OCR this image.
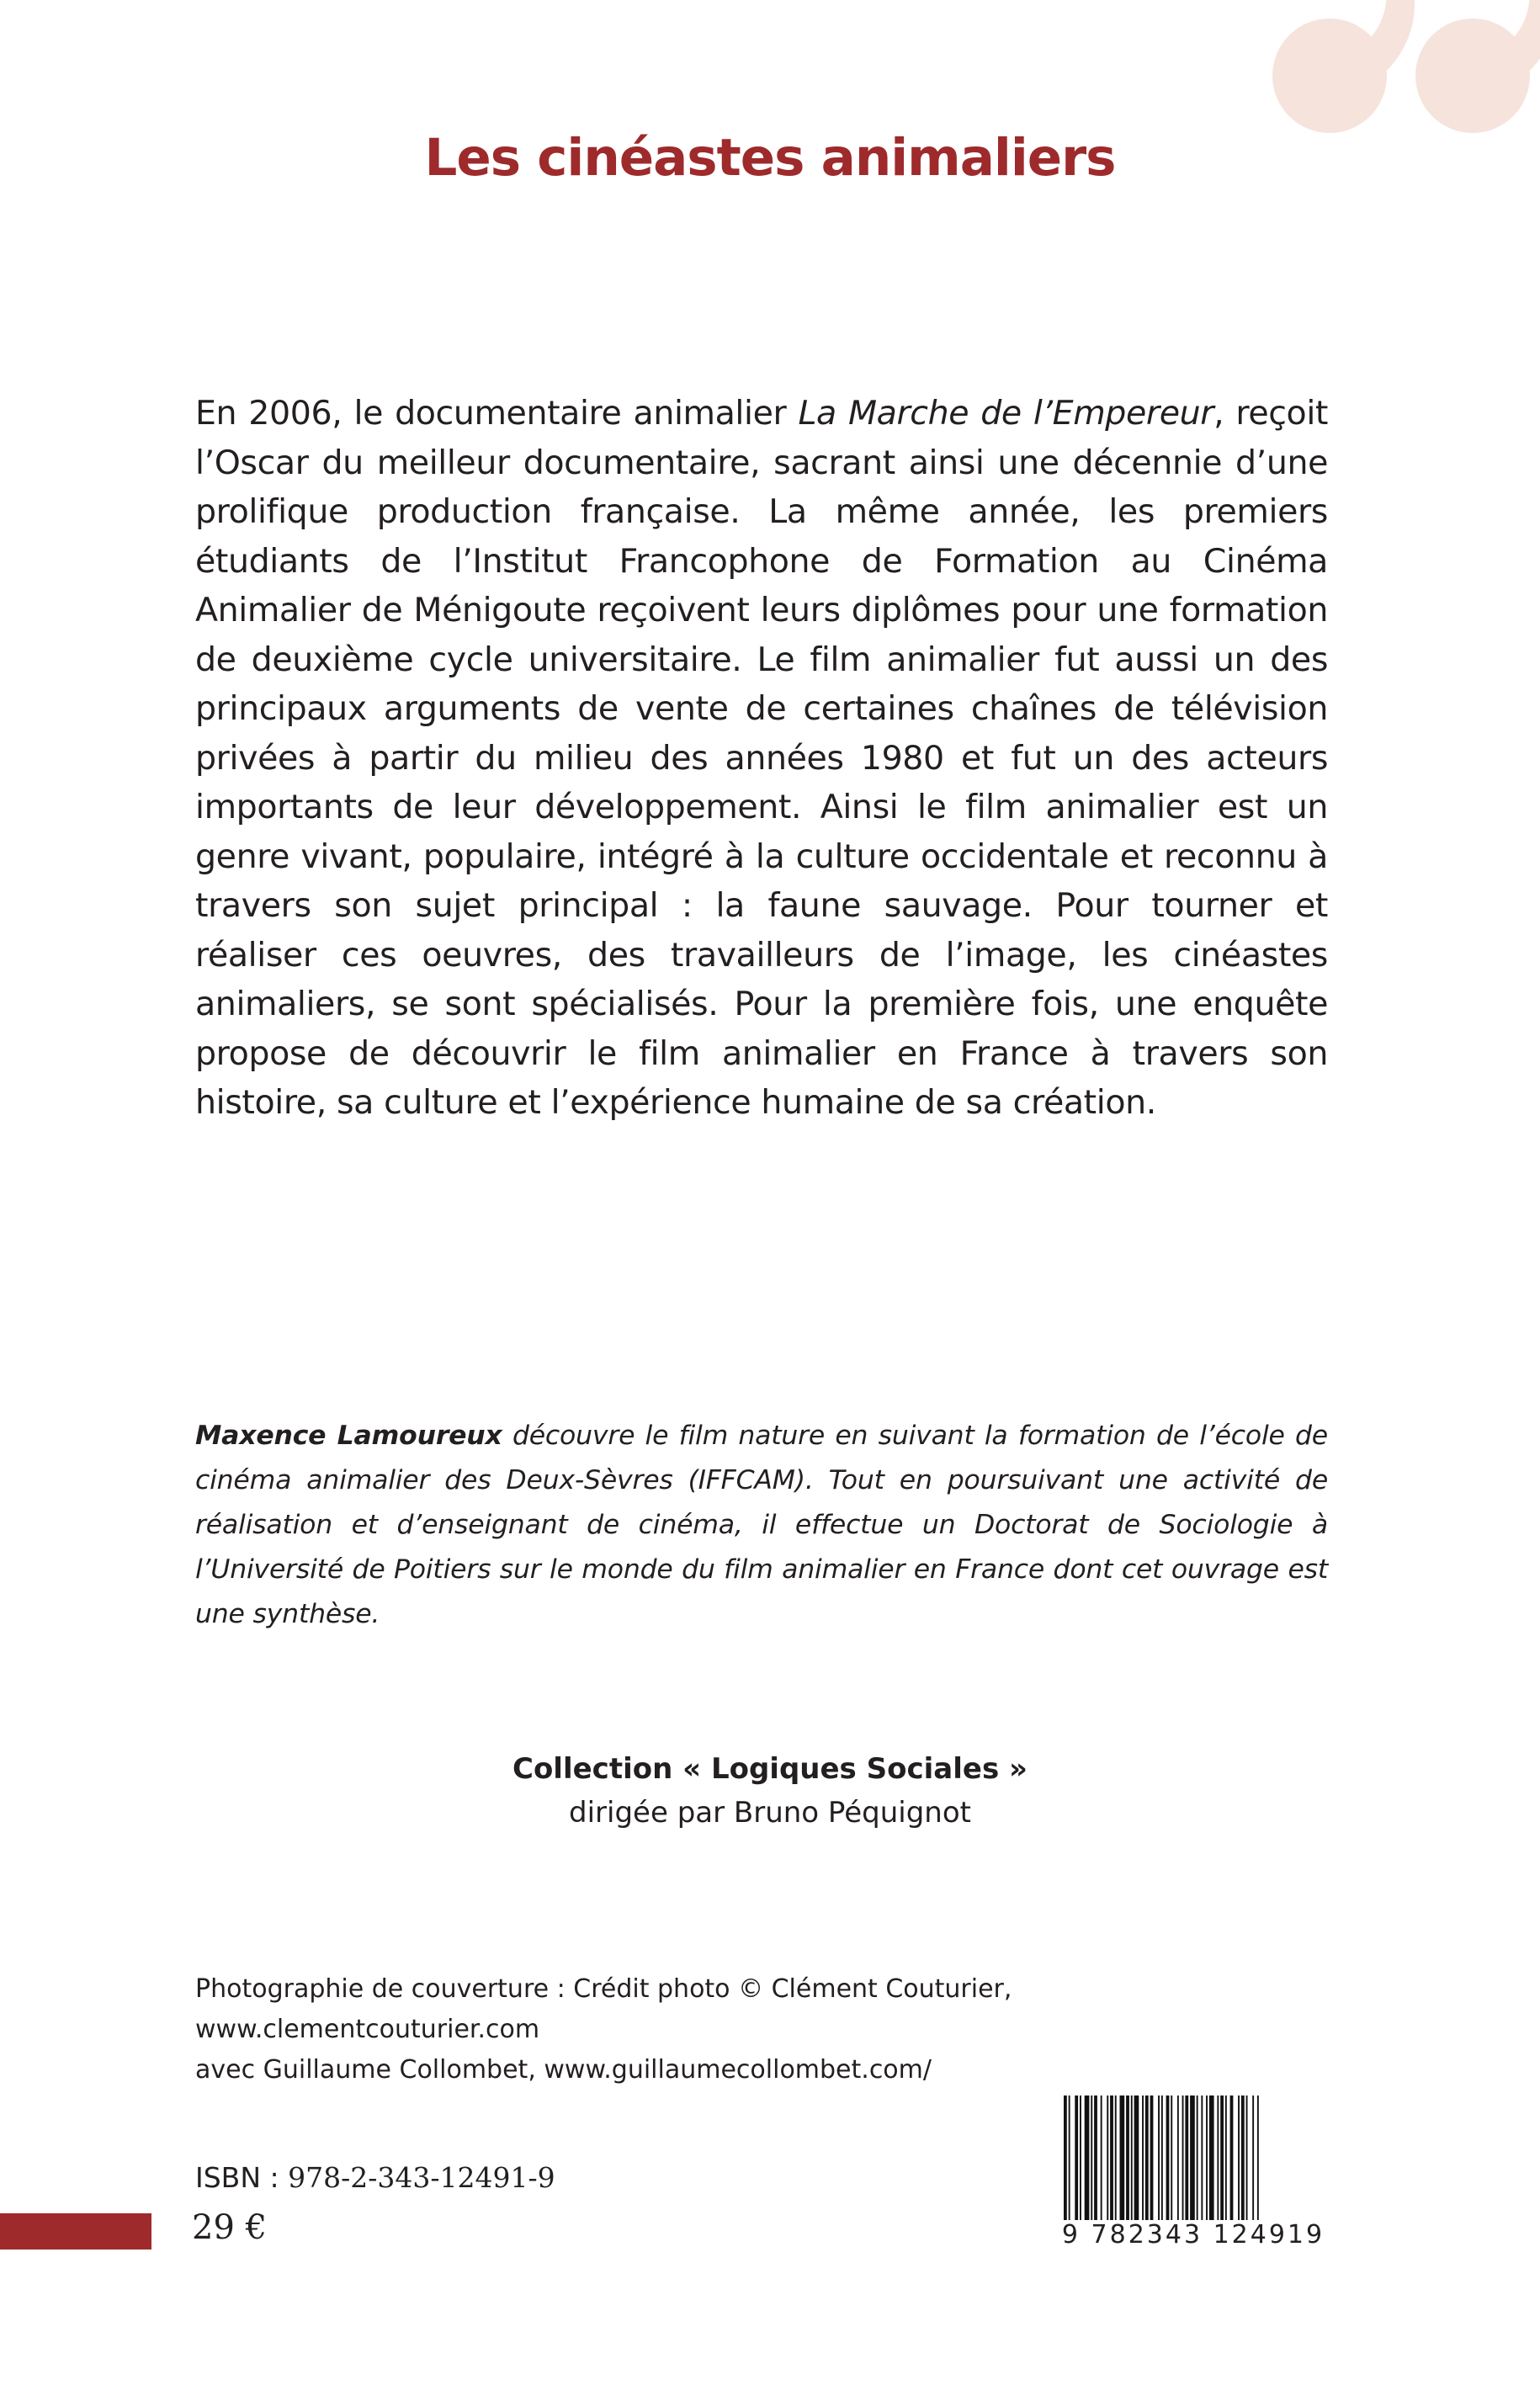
Les cinéastes animaliers

En 2006, le documentaire animalier La Marche de l’Empereur, reçoit l’Oscar du meilleur documentaire, sacrant ainsi une décennie d’une prolifique production française. La même année, les premiers étudiants de l’Institut Francophone de Formation au Cinéma Animalier de Ménigoute reçoivent leurs diplômes pour une formation de deuxième cycle universitaire. Le film animalier fut aussi un des principaux arguments de vente de certaines chaînes de télévision privées à partir du milieu des années 1980 et fut un des acteurs importants de leur développement. Ainsi le film animalier est un genre vivant, populaire, intégré à la culture occidentale et reconnu à travers son sujet principal : la faune sauvage. Pour tourner et réaliser ces oeuvres, des travailleurs de l’image, les cinéastes animaliers, se sont spécialisés. Pour la première fois, une enquête propose de découvrir le film animalier en France à travers son histoire, sa culture et l’expérience humaine de sa création.

Maxence Lamoureux découvre le film nature en suivant la formation de l’école de cinéma animalier des Deux-Sèvres (IFFCAM). Tout en poursuivant une activité de réalisation et d’enseignant de cinéma, il effectue un Doctorat de Sociologie à l’Université de Poitiers sur le monde du film animalier en France dont cet ouvrage est une synthèse.

Collection « Logiques Sociales »
dirigée par Bruno Péquignot
Photographie de couverture : Crédit photo © Clément Couturier,
www.clementcouturier.com
avec Guillaume Collombet, www.guillaumecollombet.com/
ISBN : 978-2-343-12491-9
29 €	9 782343 124919
